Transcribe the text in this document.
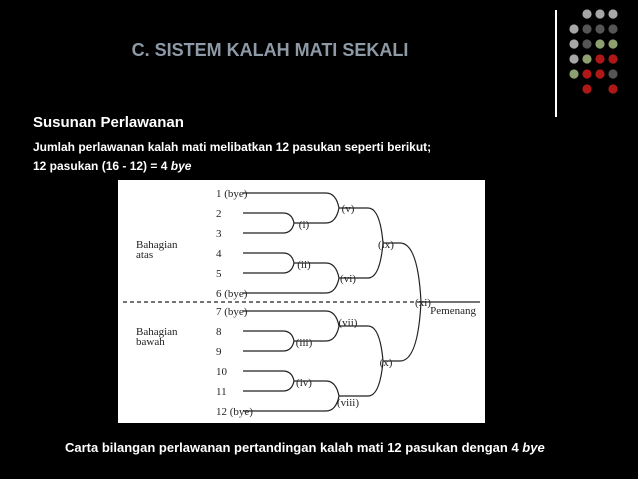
C. SISTEM KALAH MATI SEKALI
Susunan Perlawanan
Jumlah perlawanan kalah mati melibatkan 12 pasukan seperti berikut;
12 pasukan (16 - 12) = 4 bye
1 (bye)
2
3
4
5
6 (bye)
7 (bye)
8
9
10
11
12 (bye)
(i)
(ii)
(iii)
(iv)
(v)
(vi)
(vii)
(viii)
(ix)
(x)
(xi)
Bahagian
atas
Bahagian
bawah
Pemenang
Carta bilangan perlawanan pertandingan kalah mati 12 pasukan dengan 4 bye
